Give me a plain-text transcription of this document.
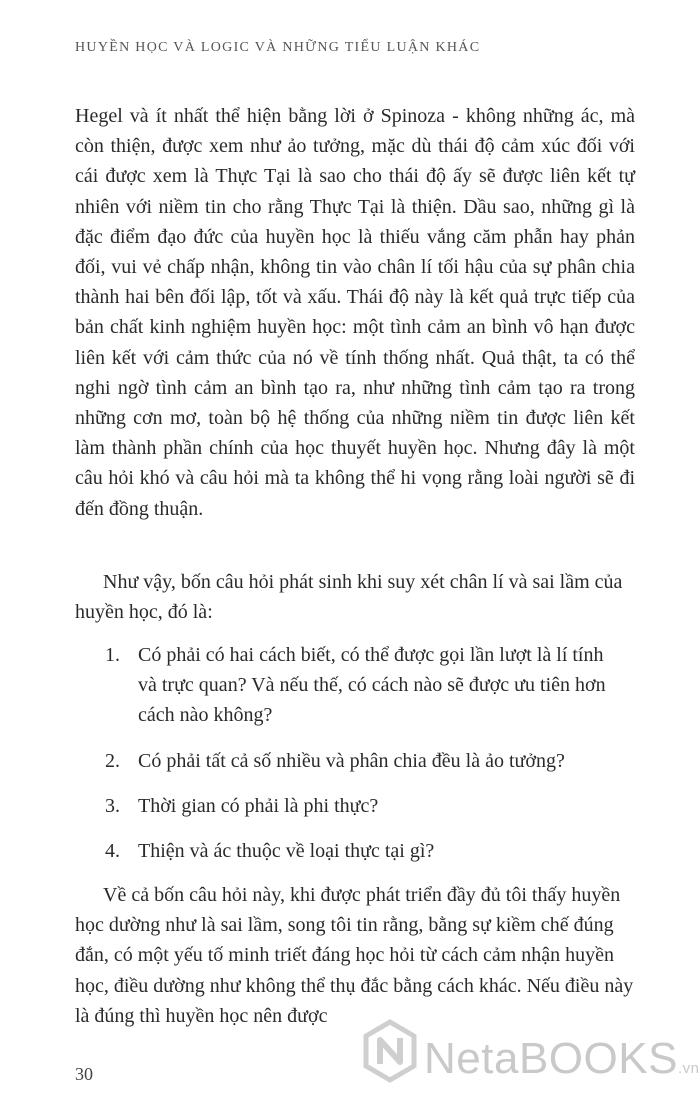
HUYỀN HỌC VÀ LOGIC VÀ NHỮNG TIỂU LUẬN KHÁC

Hegel và ít nhất thể hiện bằng lời ở Spinoza - không những ác, mà còn thiện, được xem như ảo tưởng, mặc dù thái độ cảm xúc đối với cái được xem là Thực Tại là sao cho thái độ ấy sẽ được liên kết tự nhiên với niềm tin cho rằng Thực Tại là thiện. Dầu sao, những gì là đặc điểm đạo đức của huyền học là thiếu vắng căm phẫn hay phản đối, vui vẻ chấp nhận, không tin vào chân lí tối hậu của sự phân chia thành hai bên đối lập, tốt và xấu. Thái độ này là kết quả trực tiếp của bản chất kinh nghiệm huyền học: một tình cảm an bình vô hạn được liên kết với cảm thức của nó về tính thống nhất. Quả thật, ta có thể nghi ngờ tình cảm an bình tạo ra, như những tình cảm tạo ra trong những cơn mơ, toàn bộ hệ thống của những niềm tin được liên kết làm thành phần chính của học thuyết huyền học. Nhưng đây là một câu hỏi khó và câu hỏi mà ta không thể hi vọng rằng loài người sẽ đi đến đồng thuận.

Như vậy, bốn câu hỏi phát sinh khi suy xét chân lí và sai lầm của huyền học, đó là:

1. Có phải có hai cách biết, có thể được gọi lần lượt là lí tính và trực quan? Và nếu thế, có cách nào sẽ được ưu tiên hơn cách nào không?
2. Có phải tất cả số nhiều và phân chia đều là ảo tưởng?
3. Thời gian có phải là phi thực?
4. Thiện và ác thuộc về loại thực tại gì?

Về cả bốn câu hỏi này, khi được phát triển đầy đủ tôi thấy huyền học dường như là sai lầm, song tôi tin rằng, bằng sự kiềm chế đúng đắn, có một yếu tố minh triết đáng học hỏi từ cách cảm nhận huyền học, điều dường như không thể thụ đắc bằng cách khác. Nếu điều này là đúng thì huyền học nên được

30	NetaBOOKS.vn
